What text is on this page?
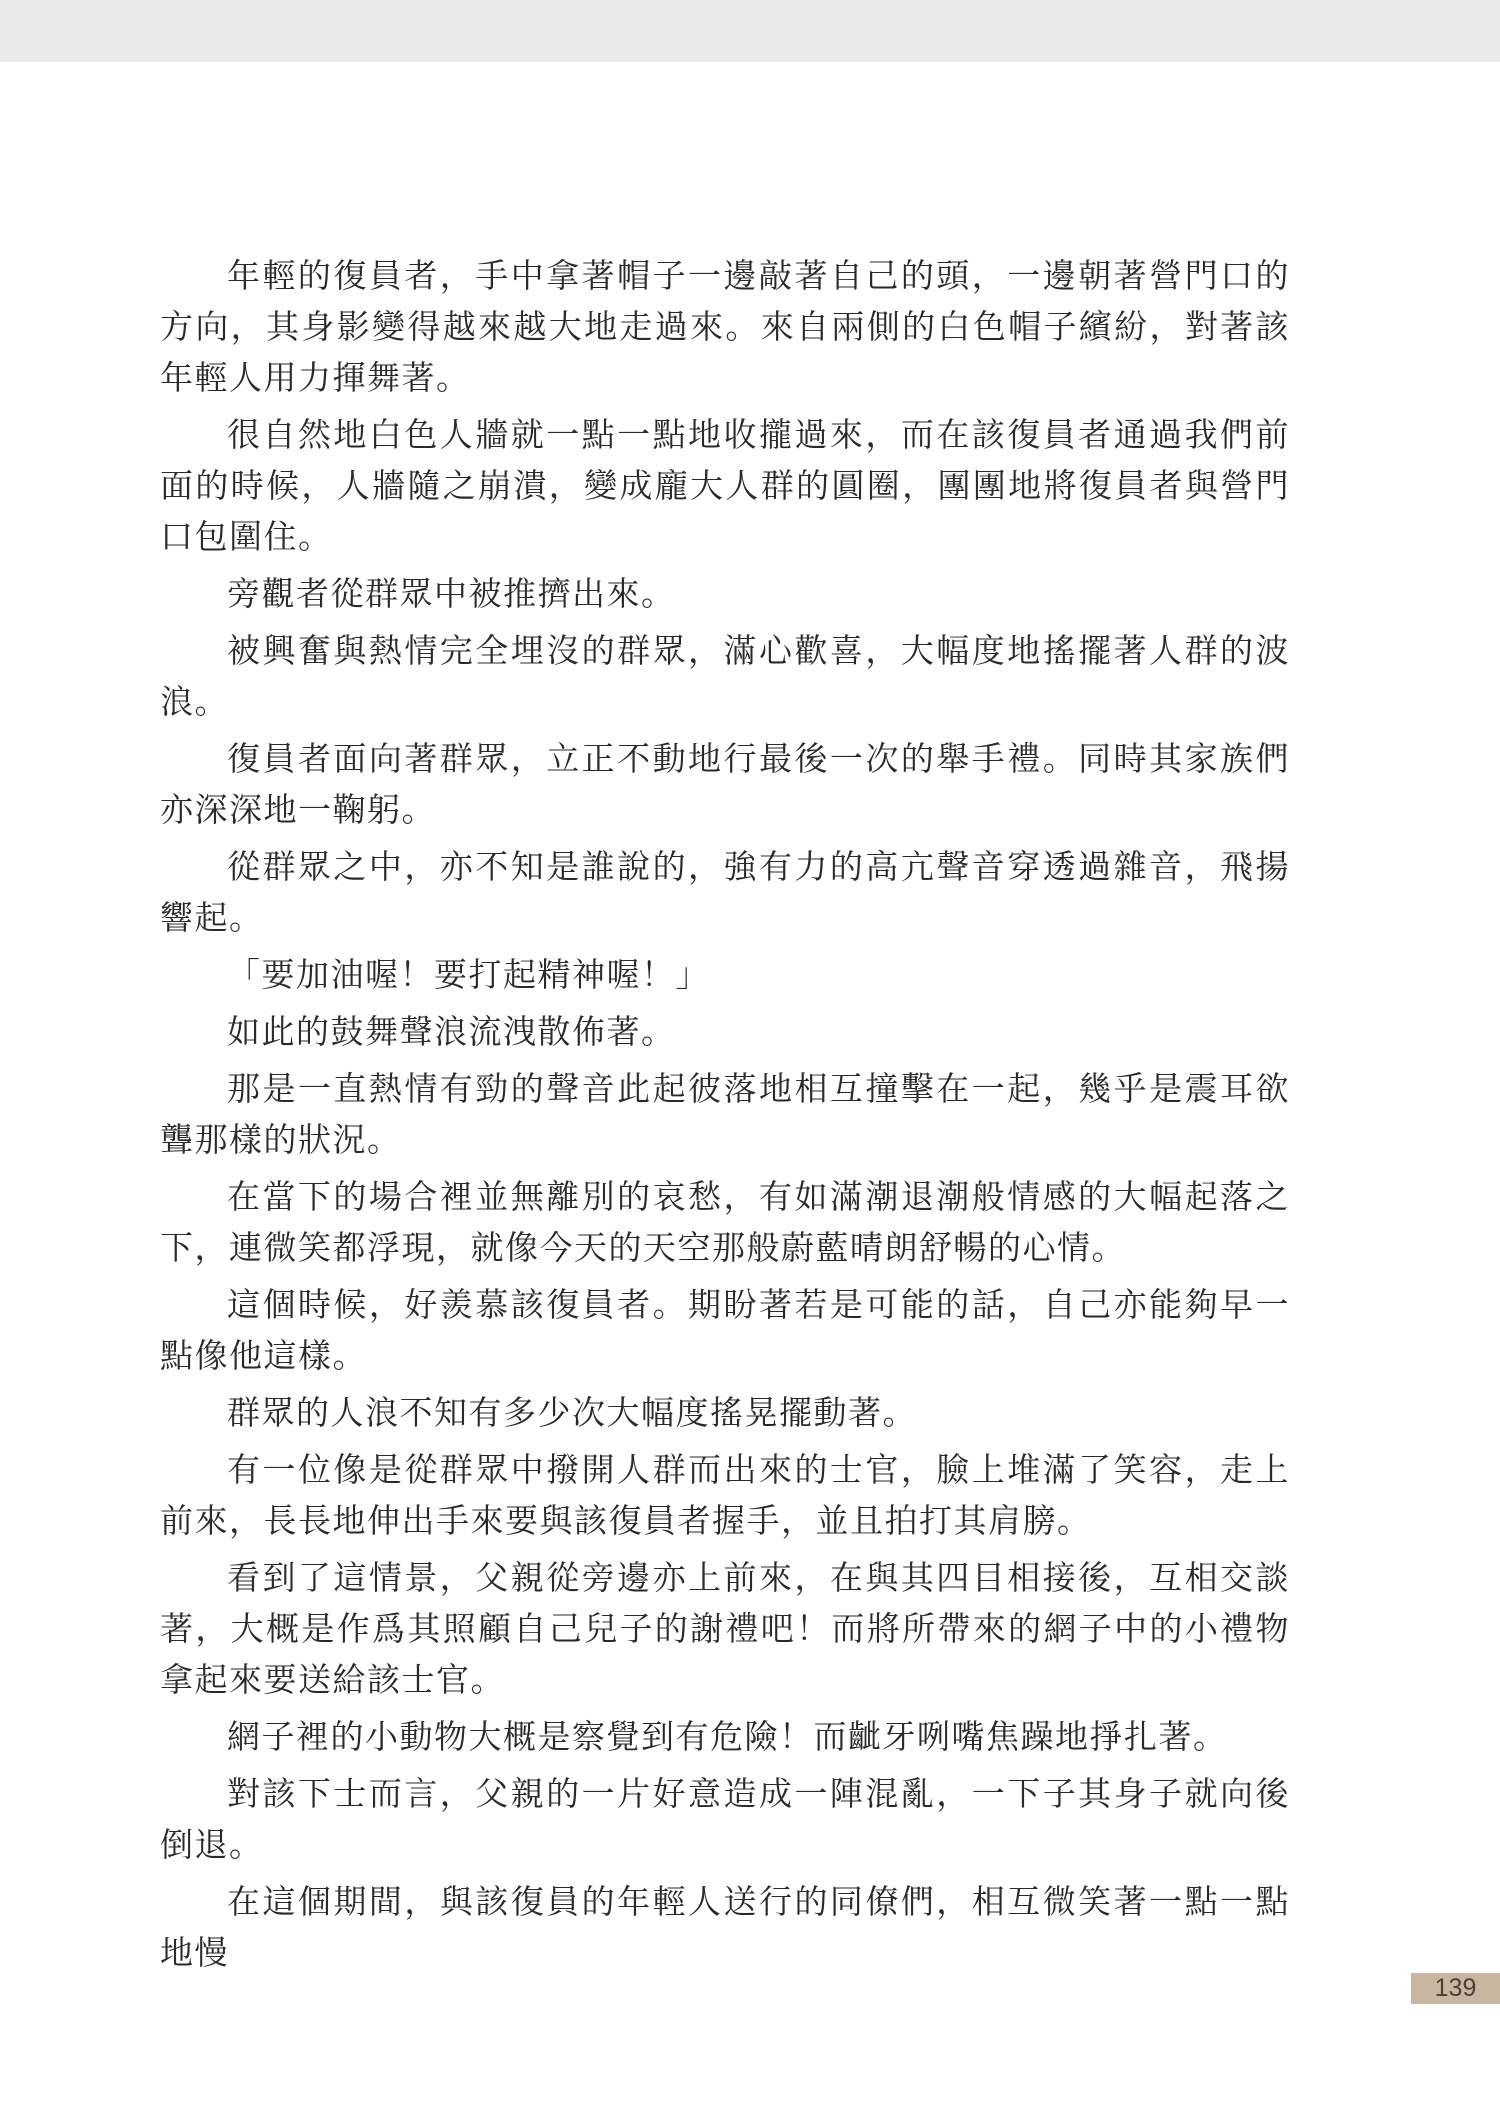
年輕的復員者，手中拿著帽子一邊敲著自己的頭，一邊朝著營門口的方向，其身影變得越來越大地走過來。來自兩側的白色帽子繽紛，對著該年輕人用力揮舞著。

很自然地白色人牆就一點一點地收攏過來，而在該復員者通過我們前面的時候，人牆隨之崩潰，變成龐大人群的圓圈，團團地將復員者與營門口包圍住。

旁觀者從群眾中被推擠出來。

被興奮與熱情完全埋沒的群眾，滿心歡喜，大幅度地搖擺著人群的波浪。

復員者面向著群眾，立正不動地行最後一次的舉手禮。同時其家族們亦深深地一鞠躬。

從群眾之中，亦不知是誰說的，強有力的高亢聲音穿透過雜音，飛揚響起。

「要加油喔！要打起精神喔！」

如此的鼓舞聲浪流洩散佈著。

那是一直熱情有勁的聲音此起彼落地相互撞擊在一起，幾乎是震耳欲聾那樣的狀況。

在當下的場合裡並無離別的哀愁，有如滿潮退潮般情感的大幅起落之下，連微笑都浮現，就像今天的天空那般蔚藍晴朗舒暢的心情。

這個時候，好羨慕該復員者。期盼著若是可能的話，自己亦能夠早一點像他這樣。

群眾的人浪不知有多少次大幅度搖晃擺動著。

有一位像是從群眾中撥開人群而出來的士官，臉上堆滿了笑容，走上前來，長長地伸出手來要與該復員者握手，並且拍打其肩膀。

看到了這情景，父親從旁邊亦上前來，在與其四目相接後，互相交談著，大概是作爲其照顧自己兒子的謝禮吧！而將所帶來的網子中的小禮物拿起來要送給該士官。

網子裡的小動物大概是察覺到有危險！而齜牙咧嘴焦躁地掙扎著。

對該下士而言，父親的一片好意造成一陣混亂，一下子其身子就向後倒退。

在這個期間，與該復員的年輕人送行的同僚們，相互微笑著一點一點地慢

139
